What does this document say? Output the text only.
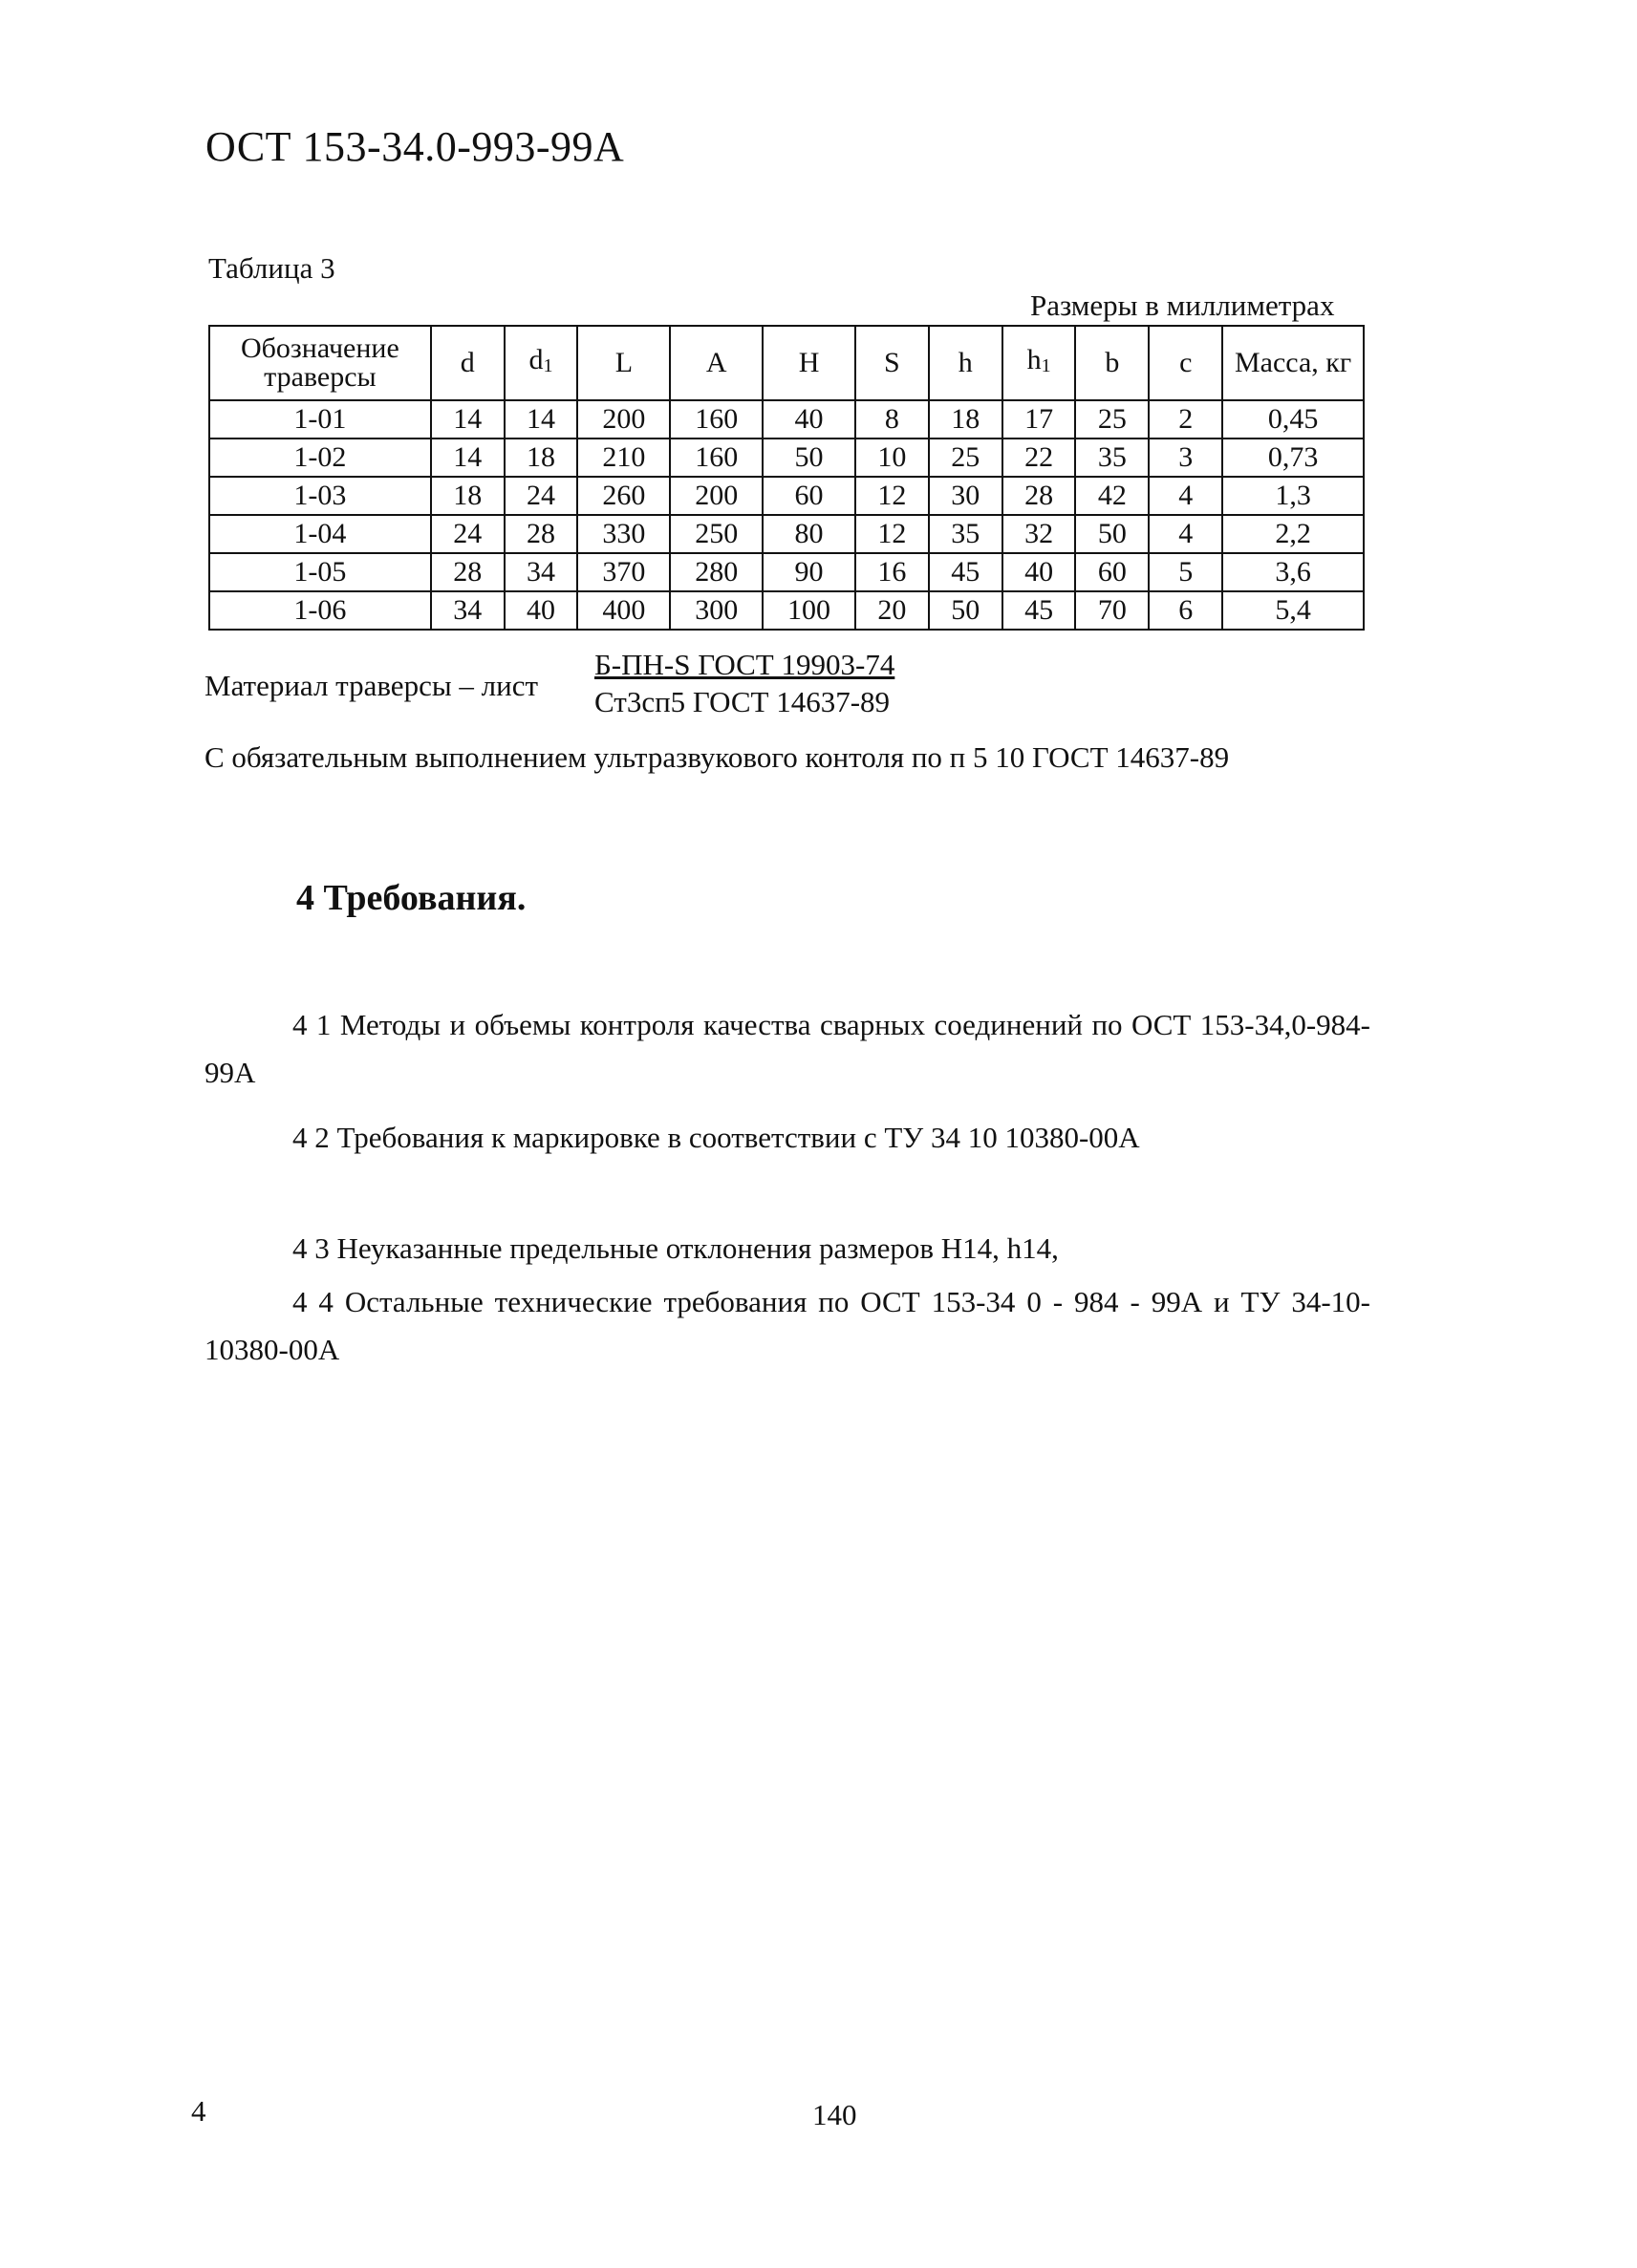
ОСТ 153-34.0-993-99А
Таблица 3
Размеры в миллиметрах
Обозначение траверсы	d	$d_1$	L	A	H	S	h	$h_1$	b	c	Масса, кг
1-01	14	14	200	160	40	8	18	17	25	2	0,45
1-02	14	18	210	160	50	10	25	22	35	3	0,73
1-03	18	24	260	200	60	12	30	28	42	4	1,3
1-04	24	28	330	250	80	12	35	32	50	4	2,2
1-05	28	34	370	280	90	16	45	40	60	5	3,6
1-06	34	40	400	300	100	20	50	45	70	6	5,4
Материал траверсы – лист
Б-ПН-S ГОСТ 19903-74
Ст3сп5 ГОСТ 14637-89
С обязательным выполнением ультразвукового контоля по п 5 10 ГОСТ 14637-89
4 Требования.
4 1 Методы и объемы контроля качества сварных соединений по ОСТ 153-34,0-984-99А
4 2 Требования к маркировке в соответствии с ТУ 34 10 10380-00А
4 3 Неуказанные предельные отклонения размеров Н14, h14,
4 4 Остальные технические требования по ОСТ 153-34 0 - 984 - 99А и ТУ 34-10-10380-00А
4	140
